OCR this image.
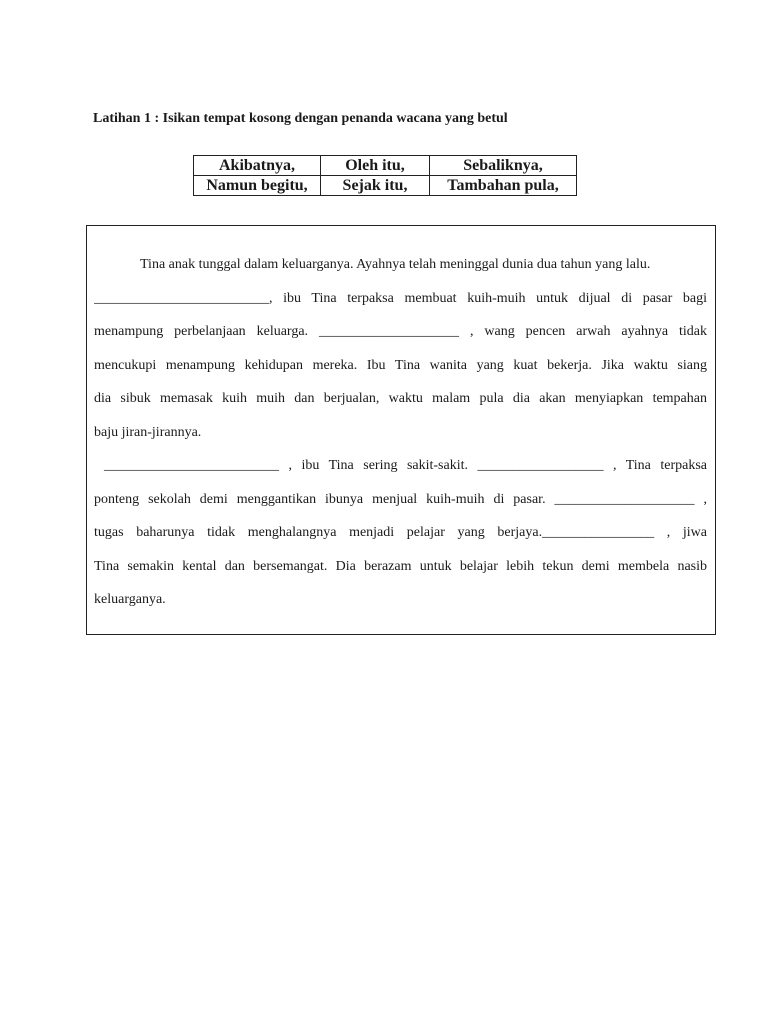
Latihan 1 : Isikan tempat kosong dengan penanda wacana yang betul
Akibatnya,	Oleh itu,	Sebaliknya,
Namun begitu,	Sejak itu,	Tambahan pula,
Tina anak tunggal dalam keluarganya. Ayahnya telah meninggal dunia dua tahun yang lalu.
_________________________, ibu Tina terpaksa membuat kuih-muih untuk dijual di pasar bagi
menampung perbelanjaan keluarga. ____________________ , wang pencen arwah ayahnya tidak
mencukupi menampung kehidupan mereka. Ibu Tina wanita yang kuat bekerja. Jika waktu siang
dia sibuk memasak kuih muih dan berjualan, waktu malam pula dia akan menyiapkan tempahan
baju jiran-jirannya.
_________________________ , ibu Tina sering sakit-sakit. __________________ , Tina terpaksa
ponteng sekolah demi menggantikan ibunya menjual kuih-muih di pasar. ____________________ ,
tugas baharunya tidak menghalangnya menjadi pelajar yang berjaya.________________ , jiwa
Tina semakin kental dan bersemangat. Dia berazam untuk belajar lebih tekun demi membela nasib
keluarganya.
